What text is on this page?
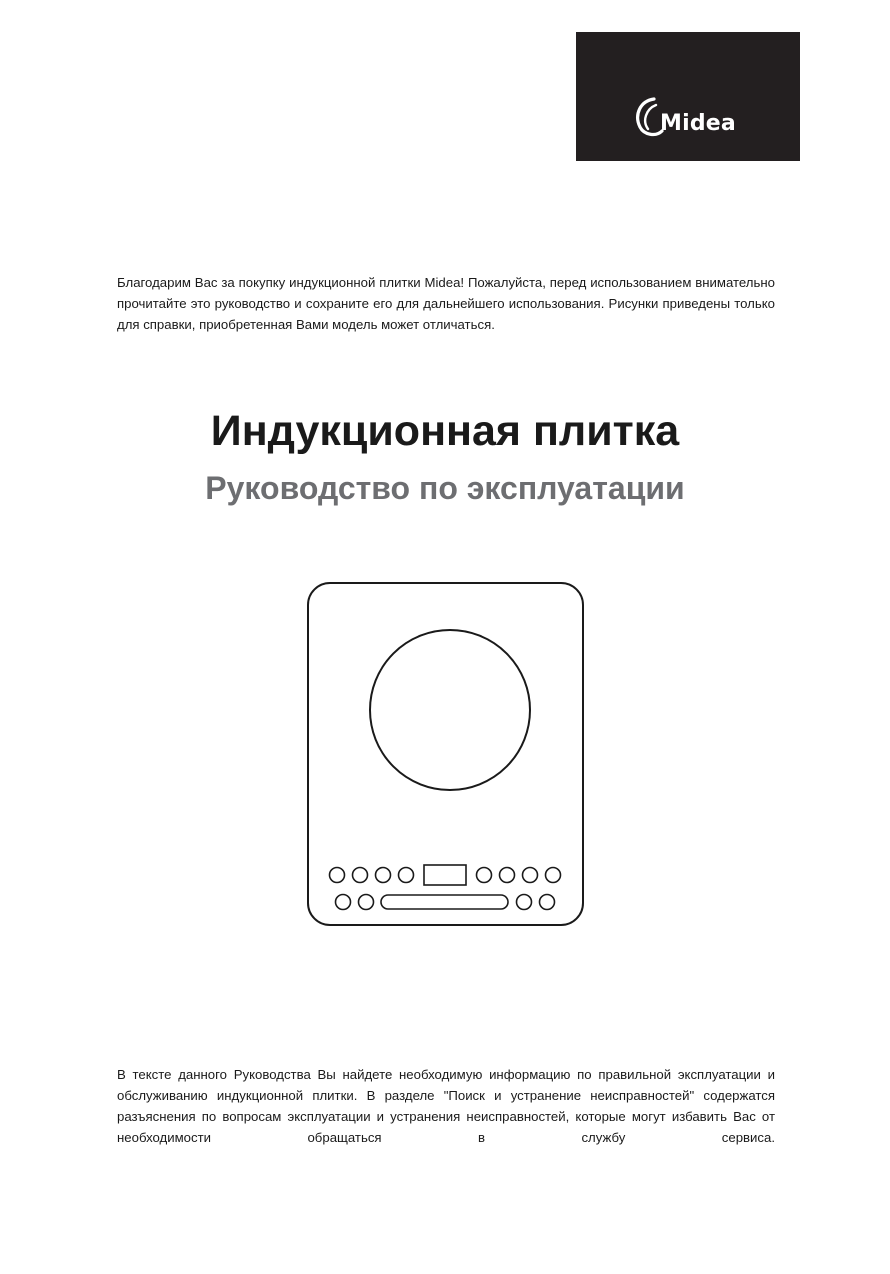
Midea

Благодарим Вас за покупку индукционной плитки Midea! Пожалуйста, перед использованием внимательно прочитайте это руководство и сохраните его для дальнейшего использования. Рисунки приведены только для справки, приобретенная Вами модель может отличаться.

Индукционная плитка
Руководство по эксплуатации

В тексте данного Руководства Вы найдете необходимую информацию по правильной эксплуатации и обслуживанию индукционной плитки. В разделе "Поиск и устранение неисправностей" содержатся разъяснения по вопросам эксплуатации и устранения неисправностей, которые могут избавить Вас от необходимости обращаться в службу сервиса.
